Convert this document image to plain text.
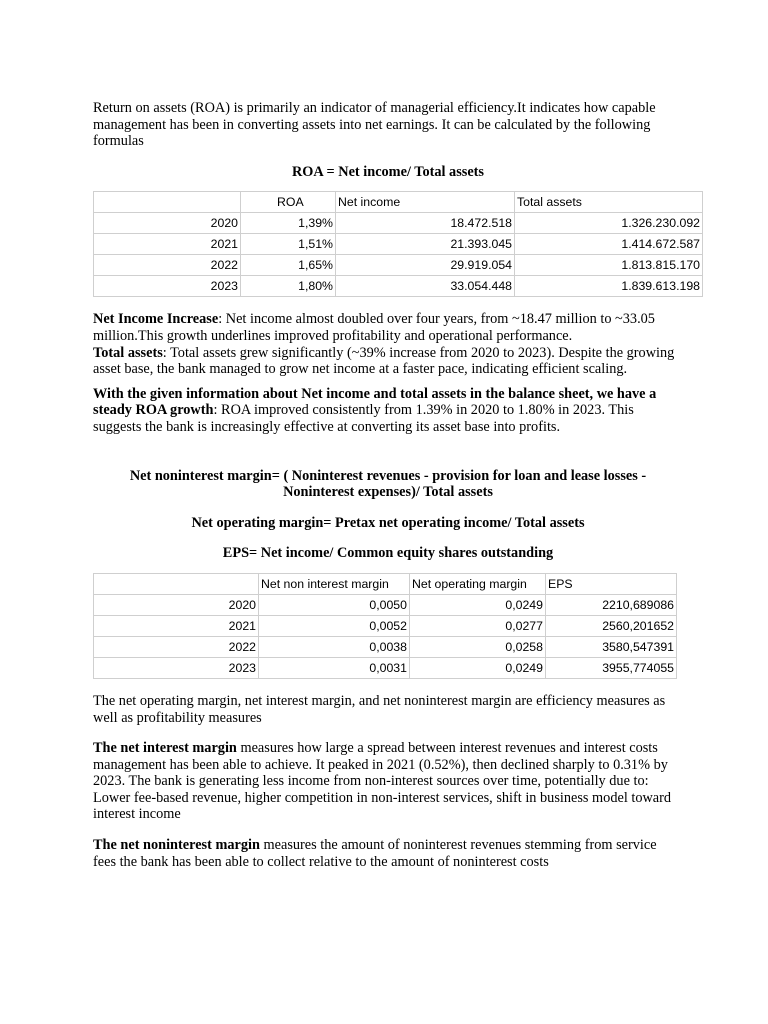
Return on assets (ROA) is primarily an indicator of managerial efficiency.It indicates how capable management has been in converting assets into net earnings. It can be calculated by the following formulas

ROA = Net income/ Total assets

	ROA	Net income	Total assets
2020	1,39%	18.472.518	1.326.230.092
2021	1,51%	21.393.045	1.414.672.587
2022	1,65%	29.919.054	1.813.815.170
2023	1,80%	33.054.448	1.839.613.198

Net Income Increase: Net income almost doubled over four years, from ~18.47 million to ~33.05 million.This growth underlines improved profitability and operational performance.

Total assets: Total assets grew significantly (~39% increase from 2020 to 2023). Despite the growing asset base, the bank managed to grow net income at a faster pace, indicating efficient scaling.

With the given information about Net income and total assets in the balance sheet, we have a steady ROA growth: ROA improved consistently from 1.39% in 2020 to 1.80% in 2023. This suggests the bank is increasingly effective at converting its asset base into profits.

Net noninterest margin= ( Noninterest revenues - provision for loan and lease losses - Noninterest expenses)/ Total assets

Net operating margin= Pretax net operating income/ Total assets

EPS= Net income/ Common equity shares outstanding

	Net non interest margin	Net operating margin	EPS
2020	0,0050	0,0249	2210,689086
2021	0,0052	0,0277	2560,201652
2022	0,0038	0,0258	3580,547391
2023	0,0031	0,0249	3955,774055

The net operating margin, net interest margin, and net noninterest margin are efficiency measures as well as profitability measures

The net interest margin measures how large a spread between interest revenues and interest costs management has been able to achieve. It peaked in 2021 (0.52%), then declined sharply to 0.31% by 2023. The bank is generating less income from non-interest sources over time, potentially due to: Lower fee-based revenue, higher competition in non-interest services, shift in business model toward interest income

The net noninterest margin measures the amount of noninterest revenues stemming from service fees the bank has been able to collect relative to the amount of noninterest costs
